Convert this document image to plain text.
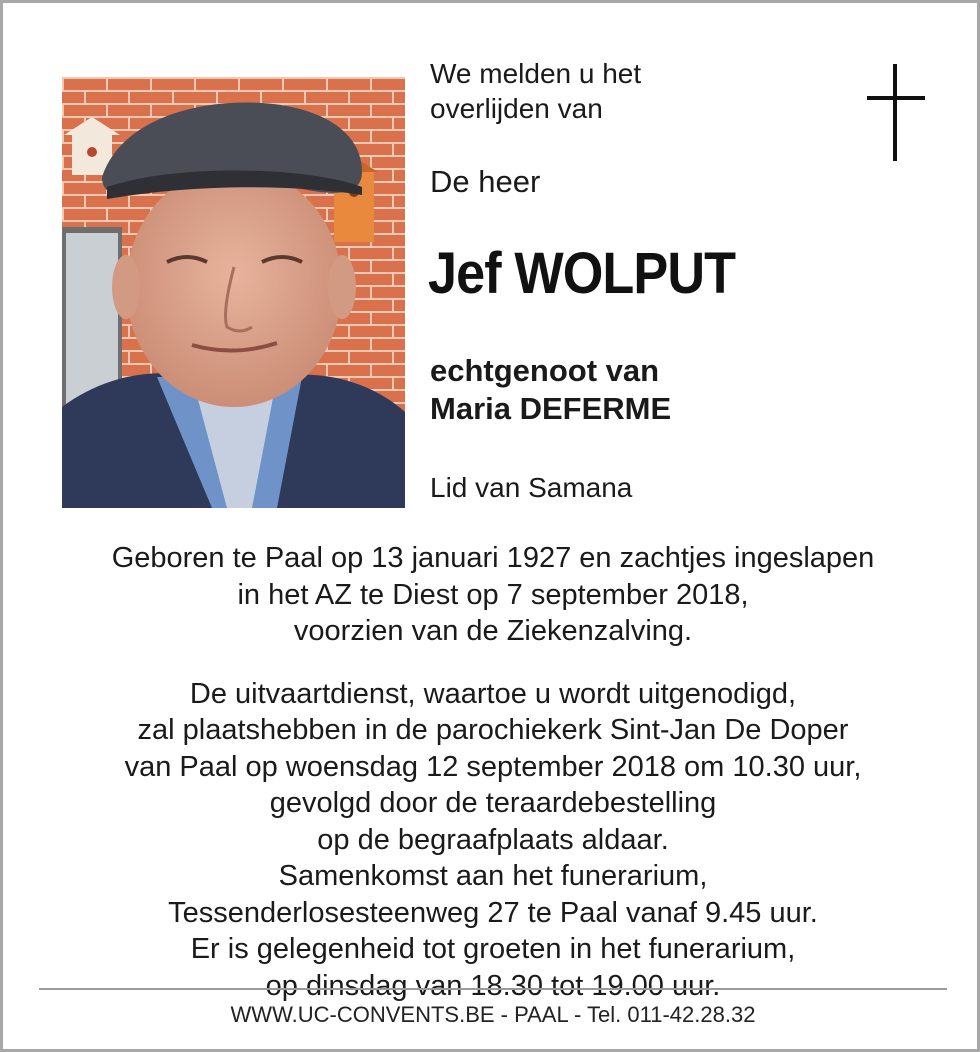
We melden u het
overlijden van

De heer

Jef WOLPUT

echtgenoot van
Maria DEFERME

Lid van Samana

Geboren te Paal op 13 januari 1927 en zachtjes ingeslapen

in het AZ te Diest op 7 september 2018,

voorzien van de Ziekenzalving.

De uitvaartdienst, waartoe u wordt uitgenodigd,

zal plaatshebben in de parochiekerk Sint-Jan De Doper

van Paal op woensdag 12 september 2018 om 10.30 uur,

gevolgd door de teraardebestelling

op de begraafplaats aldaar.

Samenkomst aan het funerarium,

Tessenderlosesteenweg 27 te Paal vanaf 9.45 uur.

Er is gelegenheid tot groeten in het funerarium,

op dinsdag van 18.30 tot 19.00 uur.

WWW.UC-CONVENTS.BE - PAAL - Tel. 011-42.28.32
